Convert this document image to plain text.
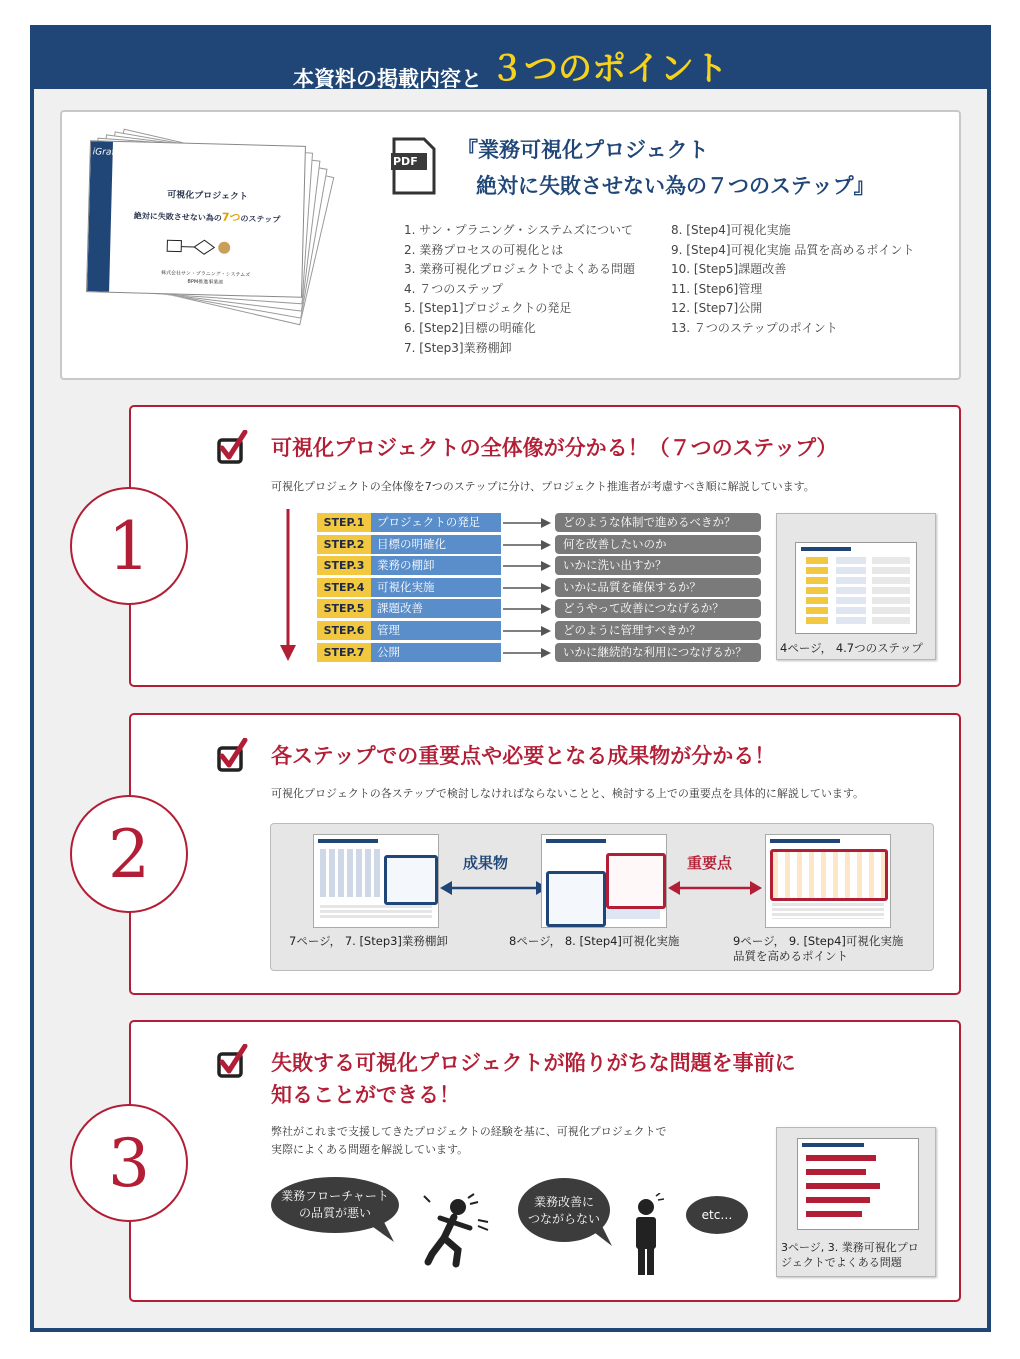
本資料の掲載内容と ３つのポイント
iGrafx
可視化プロジェクト
絶対に失敗させない為の7つのステップ
株式会社サン・プラニング・システムズ
BPM推進事業部
PDF 『業務可視化プロジェクト
絶対に失敗させない為の７つのステップ』
1. サン・プラニング・システムズについて
2. 業務プロセスの可視化とは
3. 業務可視化プロジェクトでよくある問題
4. ７つのステップ
5. [Step1]プロジェクトの発足
6. [Step2]目標の明確化
7. [Step3]業務棚卸
8. [Step4]可視化実施
9. [Step4]可視化実施 品質を高めるポイント
10. [Step5]課題改善
11. [Step6]管理
12. [Step7]公開
13. ７つのステップのポイント
1
可視化プロジェクトの全体像が分かる！（７つのステップ）
可視化プロジェクトの全体像を7つのステップに分け、プロジェクト推進者が考慮すべき順に解説しています。
STEP.1	プロジェクトの発足	どのような体制で進めるべきか？
STEP.2	目標の明確化	何を改善したいのか
STEP.3	業務の棚卸	いかに洗い出すか？
STEP.4	可視化実施	いかに品質を確保するか？
STEP.5	課題改善	どうやって改善につなげるか？
STEP.6	管理	どのように管理すべきか？
STEP.7	公開	いかに継続的な利用につなげるか？	4ページ， 4.7つのステップ
2
各ステップでの重要点や必要となる成果物が分かる！
可視化プロジェクトの各ステップで検討しなければならないことと、検討する上での重要点を具体的に解説しています。
7ページ， 7. [Step3]業務棚卸
成果物
8ページ， 8. [Step4]可視化実施
重要点
9ページ， 9. [Step4]可視化実施
品質を高めるポイント
3
失敗する可視化プロジェクトが陥りがちな問題を事前に
知ることができる！
弊社がこれまで支援してきたプロジェクトの経験を基に、可視化プロジェクトで
実際によくある問題を解説しています。
業務フローチャート
の品質が悪い
業務改善に
つながらない	etc…
3ページ, 3. 業務可視化プロ
ジェクトでよくある問題
